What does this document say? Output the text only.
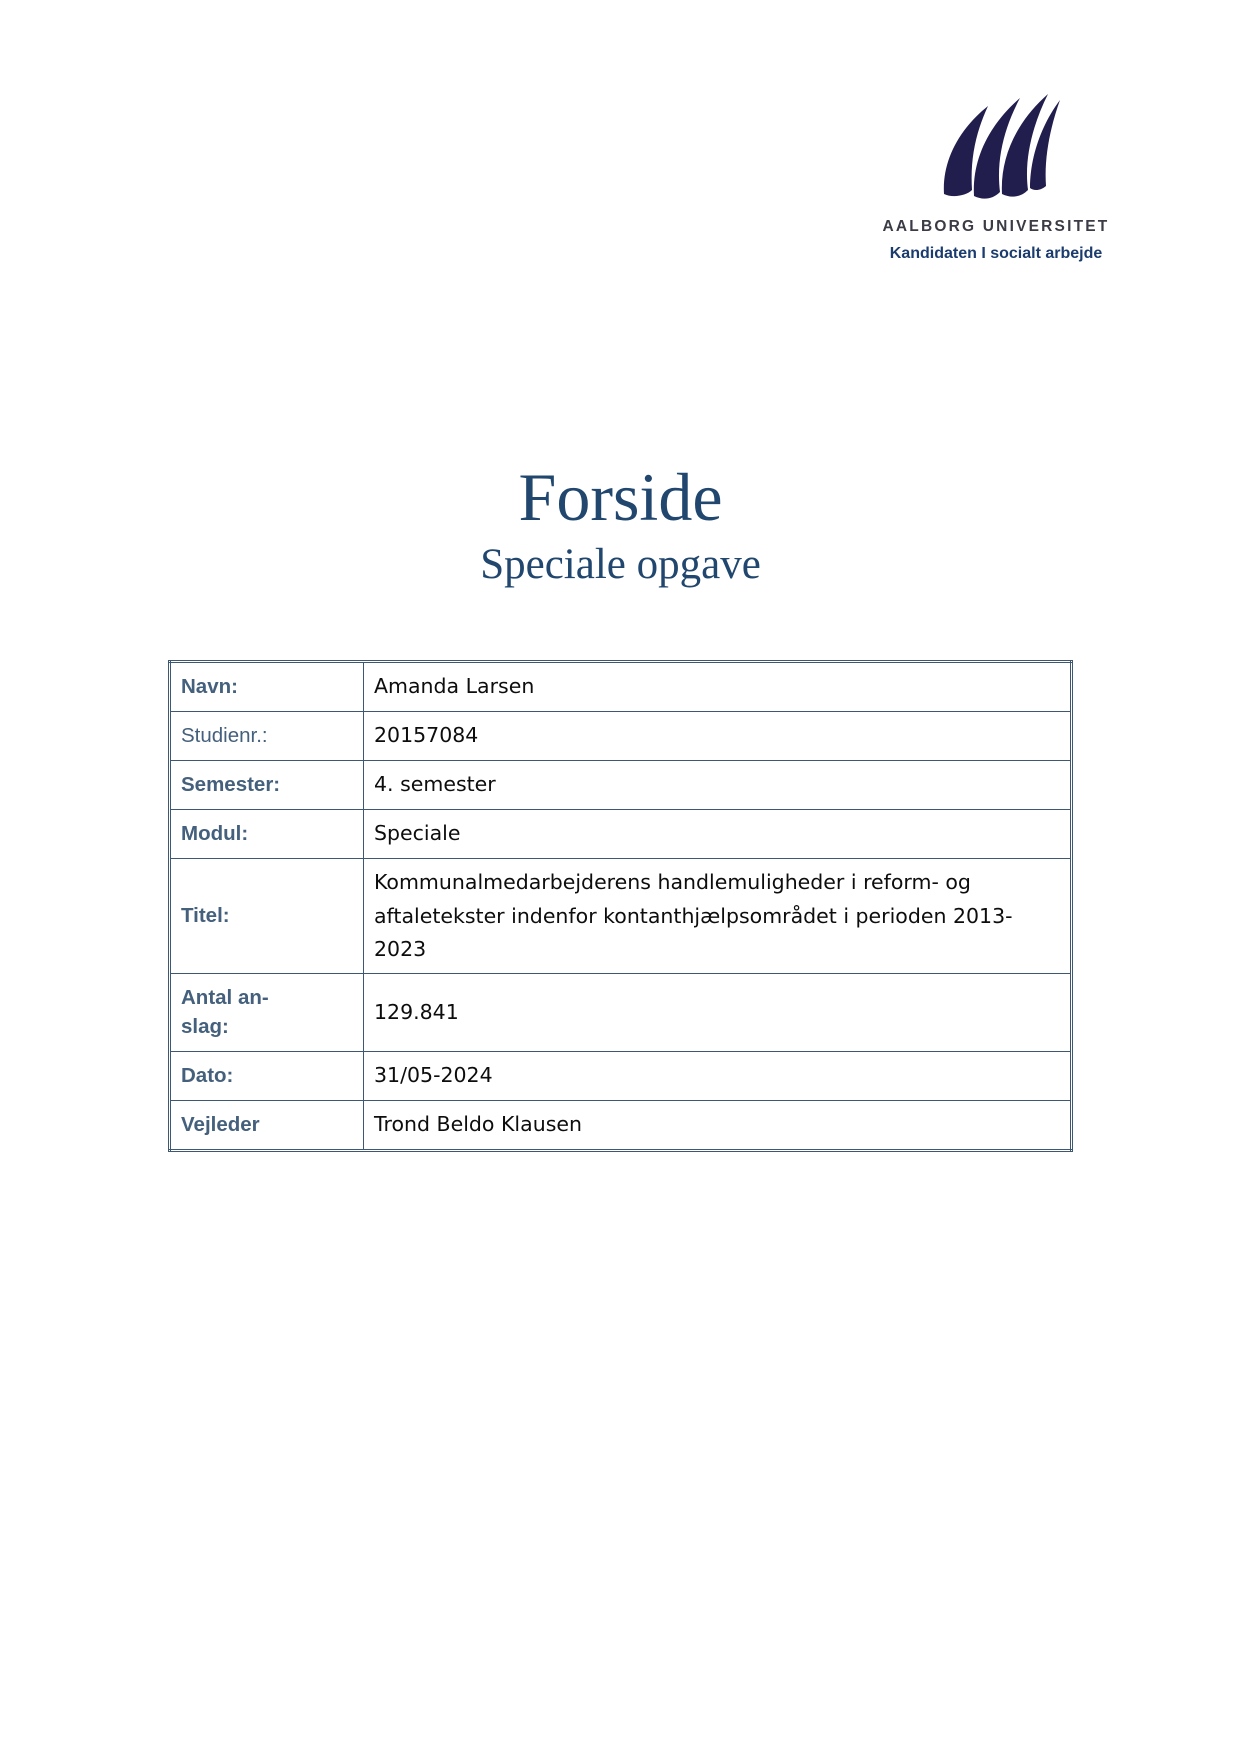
AALBORG UNIVERSITET
Kandidaten I socialt arbejde
Forside
Speciale opgave
Navn:	Amanda Larsen
Studienr.:	20157084
Semester:	4. semester
Modul:	Speciale
Titel:	Kommunalmedarbejderens handlemuligheder i reform- og aftaletekster indenfor kontanthjælpsområdet i perioden 2013-2023

Antal an-
slag:	129.841
Dato:	31/05-2024
Vejleder	Trond Beldo Klausen
